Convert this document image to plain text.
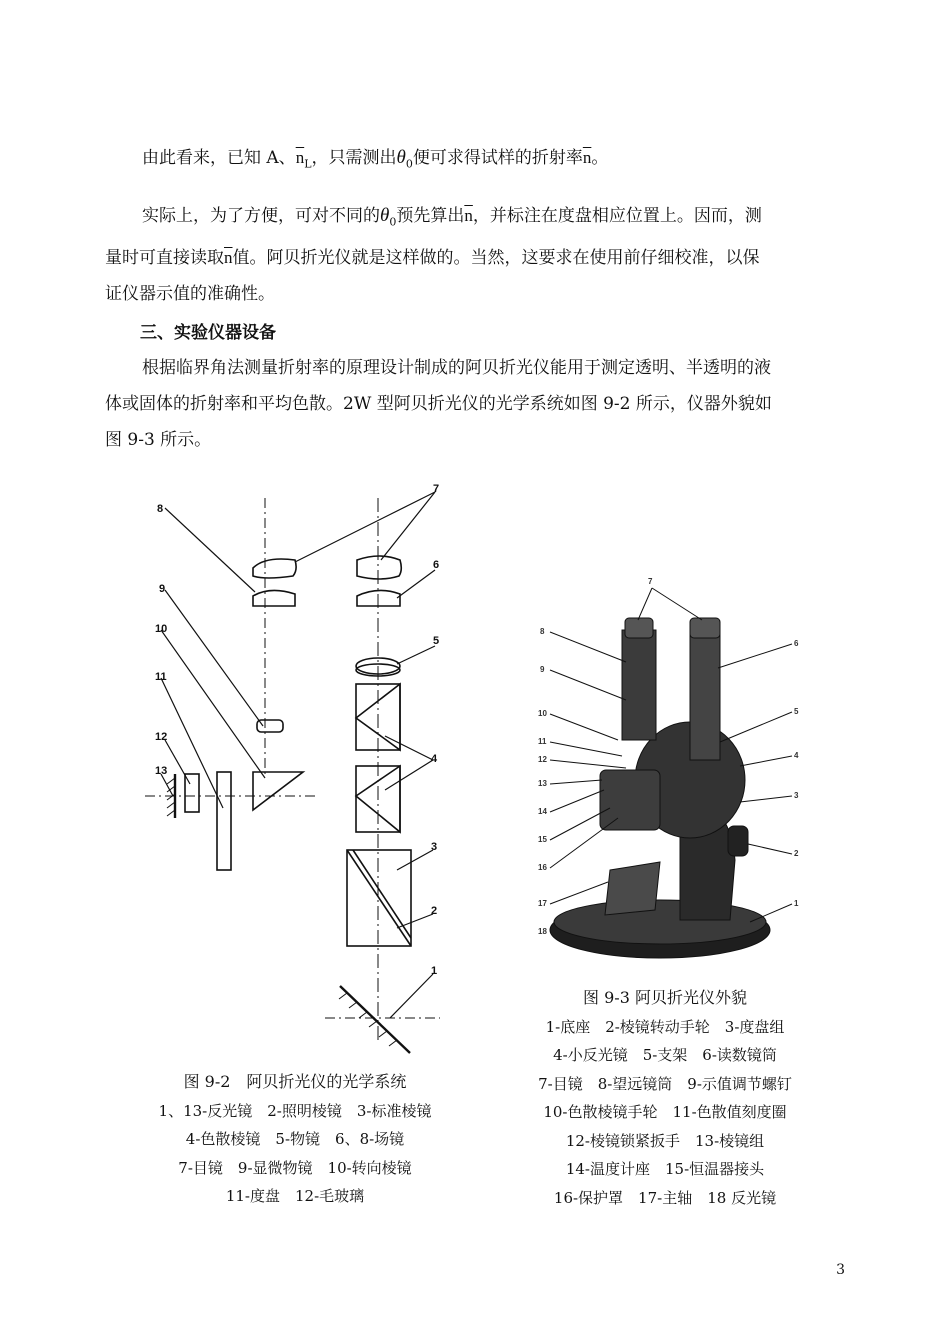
由此看来，已知 A、$\overline{n}_L$，只需测出$\theta_0$便可求得试样的折射率$\overline{n}$。
实际上，为了方便，可对不同的$\theta_0$预先算出$\overline{n}$，并标注在度盘相应位置上。因而，测
量时可直接读取$\overline{n}$值。阿贝折光仪就是这样做的。当然，这要求在使用前仔细校准，以保
证仪器示值的准确性。
三、实验仪器设备
根据临界角法测量折射率的原理设计制成的阿贝折光仪能用于测定透明、半透明的液
体或固体的折射率和平均色散。2W 型阿贝折光仪的光学系统如图 9-2 所示，仪器外貌如
图 9-3 所示。
8
7
6
9
5
10
11
4
12
13
3
2
1
7
8
6
9
5
10
11
4
12
13
3
14
15
2
16
17	1
18
图 9-3 阿贝折光仪外貌
1-底座　2-棱镜转动手轮　3-度盘组
4-小反光镜　5-支架　6-读数镜筒
7-目镜　8-望远镜筒　9-示值调节螺钉
10-色散棱镜手轮　11-色散值刻度圈
12-棱镜锁紧扳手　13-棱镜组
14-温度计座　15-恒温器接头
16-保护罩　17-主轴　18 反光镜
图 9-2　阿贝折光仪的光学系统
1、13-反光镜　2-照明棱镜　3-标准棱镜
4-色散棱镜　5-物镜　6、8-场镜
7-目镜　9-显微物镜　10-转向棱镜
11-度盘　12-毛玻璃
3
